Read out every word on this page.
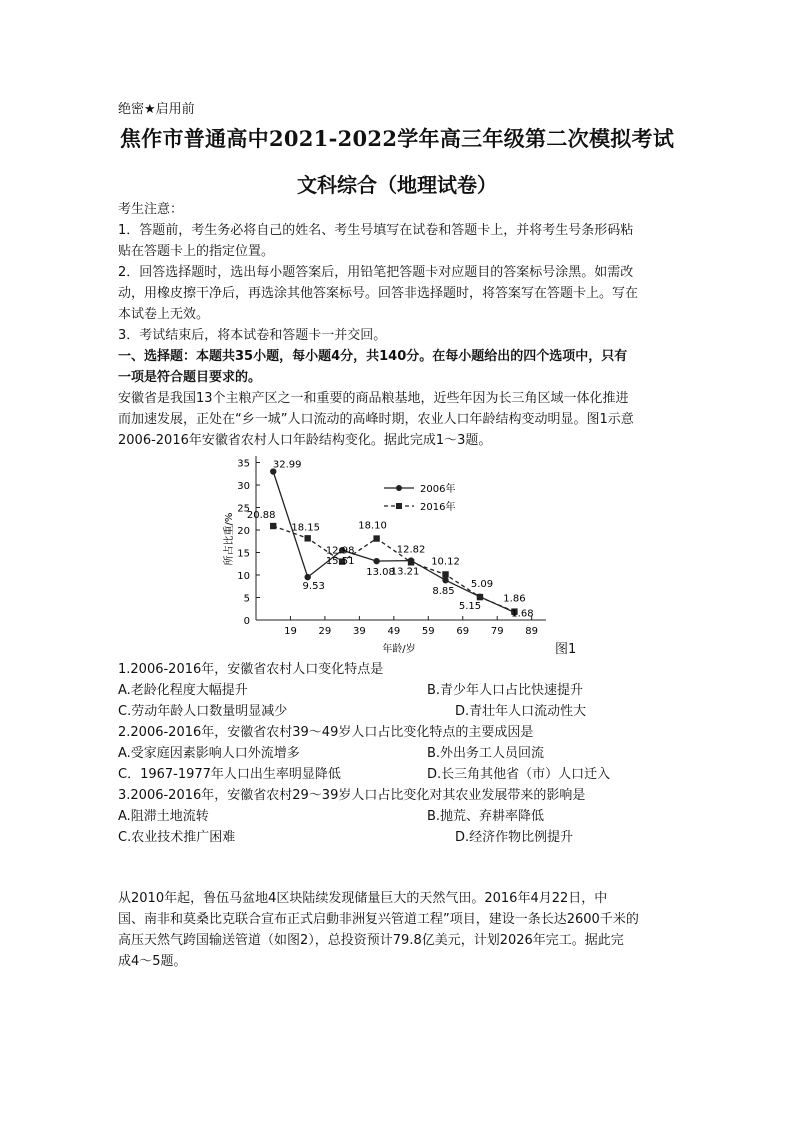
绝密★启用前
焦作市普通高中2021-2022学年高三年级第二次模拟考试
文科综合（地理试卷）
考生注意：
1．答题前，考生务必将自己的姓名、考生号填写在试卷和答题卡上，并将考生号条形码粘
贴在答题卡上的指定位置。
2．回答选择题时，选出每小题答案后，用铅笔把答题卡对应题目的答案标号涂黑。如需改
动，用橡皮擦干净后，再选涂其他答案标号。回答非选择题时，将答案写在答题卡上。写在
本试卷上无效。
3．考试结束后，将本试卷和答题卡一并交回。
一、选择题：本题共35小题，每小题4分，共140分。在每小题给出的四个选项中，只有
一项是符合题目要求的。
安徽省是我国13个主粮产区之一和重要的商品粮基地，近些年因为长三角区域一体化推进
而加速发展，正处在“乡一城”人口流动的高峰时期，农业人口年龄结构变动明显。图1示意
2006-2016年安徽省农村人口年龄结构变化。据此完成1～3题。
0
5
10
15
20
25
30
35
19 29 39 49 59 69 79 89
年龄/岁
所占比重/%
32.99
9.53
15.51
13.08
13.21
8.85
5.15
1.68
20.88
18.15
12.98
18.10
12.82
10.12
5.09
1.86
2006年
2016年
图1
1.2006-2016年，安徽省农村人口变化特点是
A.老龄化程度大幅提升	B.青少年人口占比快速提升
C.劳动年龄人口数量明显减少	D.青壮年人口流动性大
2.2006-2016年，安徽省农村39～49岁人口占比变化特点的主要成因是
A.受家庭因素影响人口外流增多	B.外出务工人员回流
C．1967-1977年人口出生率明显降低	D.长三角其他省（市）人口迁入
3.2006-2016年，安徽省农村29～39岁人口占比变化对其农业发展带来的影响是
A.阻滞土地流转	B.抛荒、弃耕率降低
C.农业技术推广困难	D.经济作物比例提升
从2010年起，鲁伍马盆地4区块陆续发现储量巨大的天然气田。2016年4月22日，中
国、南非和莫桑比克联合宣布正式启動非洲复兴管道工程”项目，建设一条长达2600千米的
高压天然气跨国输送管道（如图2），总投资预计79.8亿美元，计划2026年完工。据此完
成4～5题。
